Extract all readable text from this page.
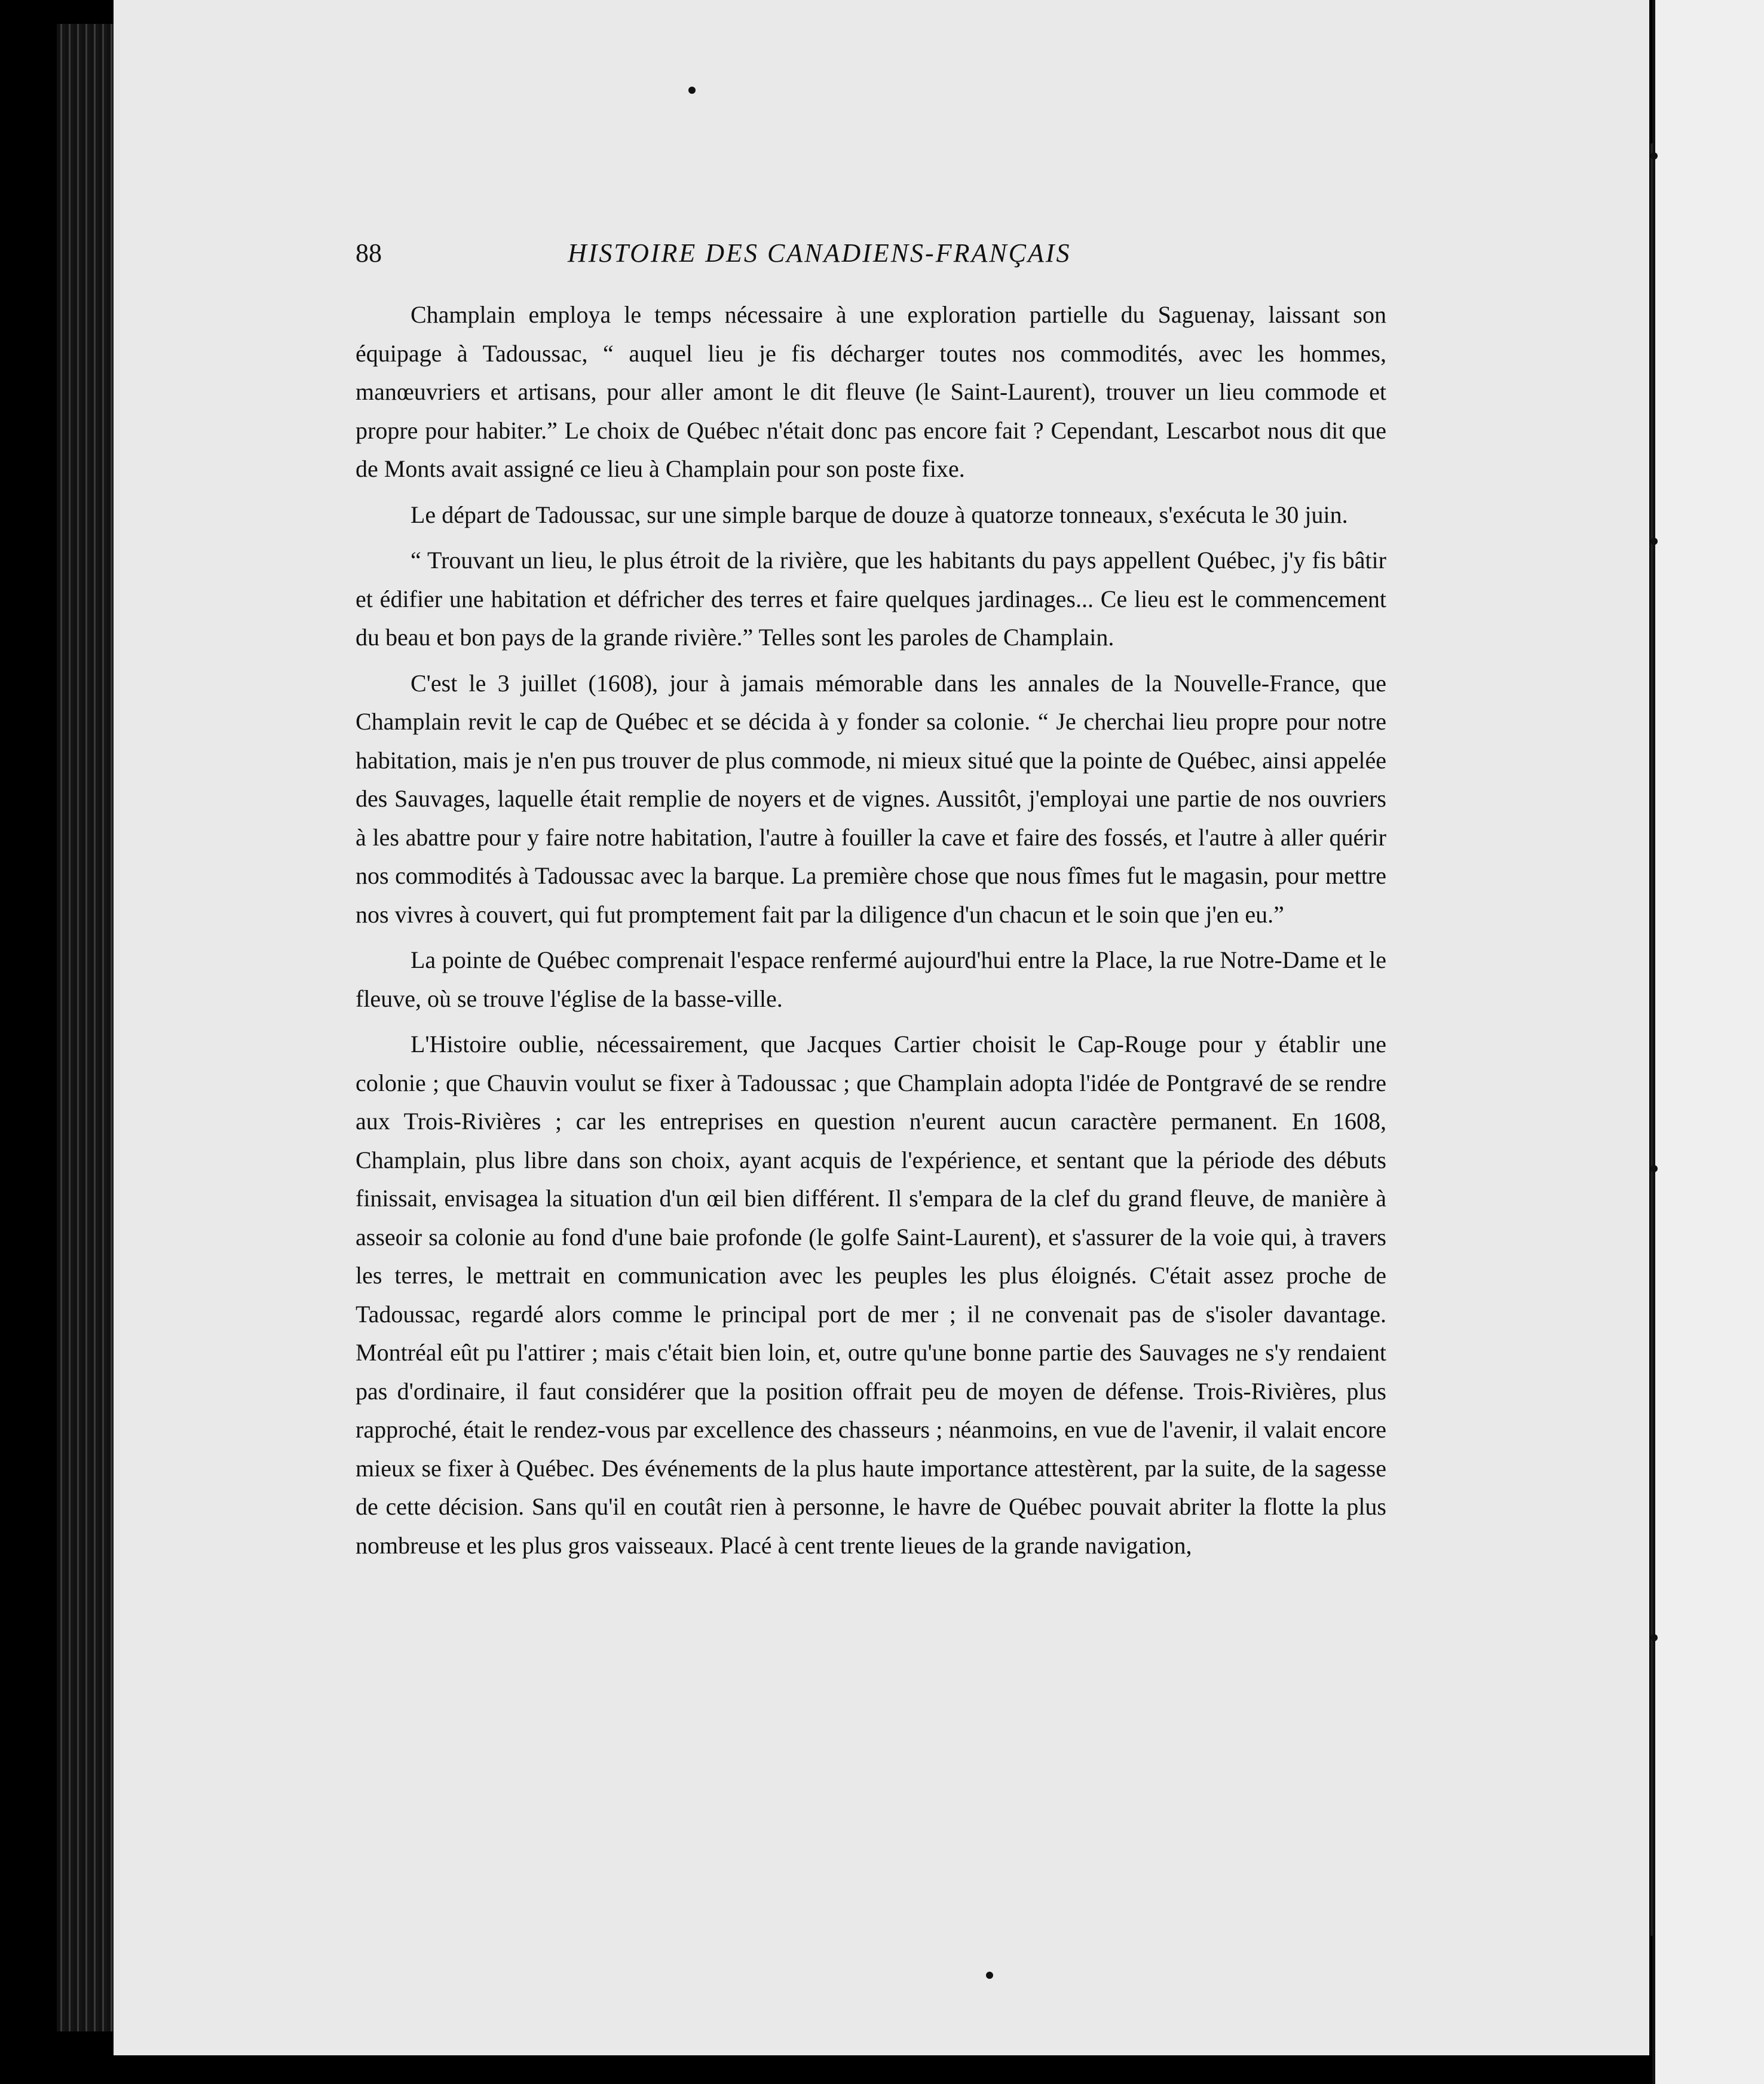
88	HISTOIRE DES CANADIENS-FRANÇAIS

Champlain employa le temps nécessaire à une exploration partielle du Saguenay, laissant son équipage à Tadoussac, “ auquel lieu je fis décharger toutes nos commodités, avec les hommes, manœuvriers et artisans, pour aller amont le dit fleuve (le Saint-Laurent), trouver un lieu commode et propre pour habiter.” Le choix de Québec n'était donc pas encore fait ? Cependant, Lescarbot nous dit que de Monts avait assigné ce lieu à Champlain pour son poste fixe.

Le départ de Tadoussac, sur une simple barque de douze à quatorze tonneaux, s'exécuta le 30 juin.

“ Trouvant un lieu, le plus étroit de la rivière, que les habitants du pays appellent Québec, j'y fis bâtir et édifier une habitation et défricher des terres et faire quelques jardinages... Ce lieu est le commencement du beau et bon pays de la grande rivière.” Telles sont les paroles de Champlain.

C'est le 3 juillet (1608), jour à jamais mémorable dans les annales de la Nouvelle-France, que Champlain revit le cap de Québec et se décida à y fonder sa colonie. “ Je cherchai lieu propre pour notre habitation, mais je n'en pus trouver de plus commode, ni mieux situé que la pointe de Québec, ainsi appelée des Sauvages, laquelle était remplie de noyers et de vignes. Aussitôt, j'employai une partie de nos ouvriers à les abattre pour y faire notre habitation, l'autre à fouiller la cave et faire des fossés, et l'autre à aller quérir nos commodités à Tadoussac avec la barque. La première chose que nous fîmes fut le magasin, pour mettre nos vivres à couvert, qui fut promptement fait par la diligence d'un chacun et le soin que j'en eu.”

La pointe de Québec comprenait l'espace renfermé aujourd'hui entre la Place, la rue Notre-Dame et le fleuve, où se trouve l'église de la basse-ville.

L'Histoire oublie, nécessairement, que Jacques Cartier choisit le Cap-Rouge pour y établir une colonie ; que Chauvin voulut se fixer à Tadoussac ; que Champlain adopta l'idée de Pontgravé de se rendre aux Trois-Rivières ; car les entreprises en question n'eurent aucun caractère permanent. En 1608, Champlain, plus libre dans son choix, ayant acquis de l'expérience, et sentant que la période des débuts finissait, envisagea la situation d'un œil bien différent. Il s'empara de la clef du grand fleuve, de manière à asseoir sa colonie au fond d'une baie profonde (le golfe Saint-Laurent), et s'assurer de la voie qui, à travers les terres, le mettrait en communication avec les peuples les plus éloignés. C'était assez proche de Tadoussac, regardé alors comme le principal port de mer ; il ne convenait pas de s'isoler davantage. Montréal eût pu l'attirer ; mais c'était bien loin, et, outre qu'une bonne partie des Sauvages ne s'y rendaient pas d'ordinaire, il faut considérer que la position offrait peu de moyen de défense. Trois-Rivières, plus rapproché, était le rendez-vous par excellence des chasseurs ; néanmoins, en vue de l'avenir, il valait encore mieux se fixer à Québec. Des événements de la plus haute importance attestèrent, par la suite, de la sagesse de cette décision. Sans qu'il en coutât rien à personne, le havre de Québec pouvait abriter la flotte la plus nombreuse et les plus gros vaisseaux. Placé à cent trente lieues de la grande navigation,
